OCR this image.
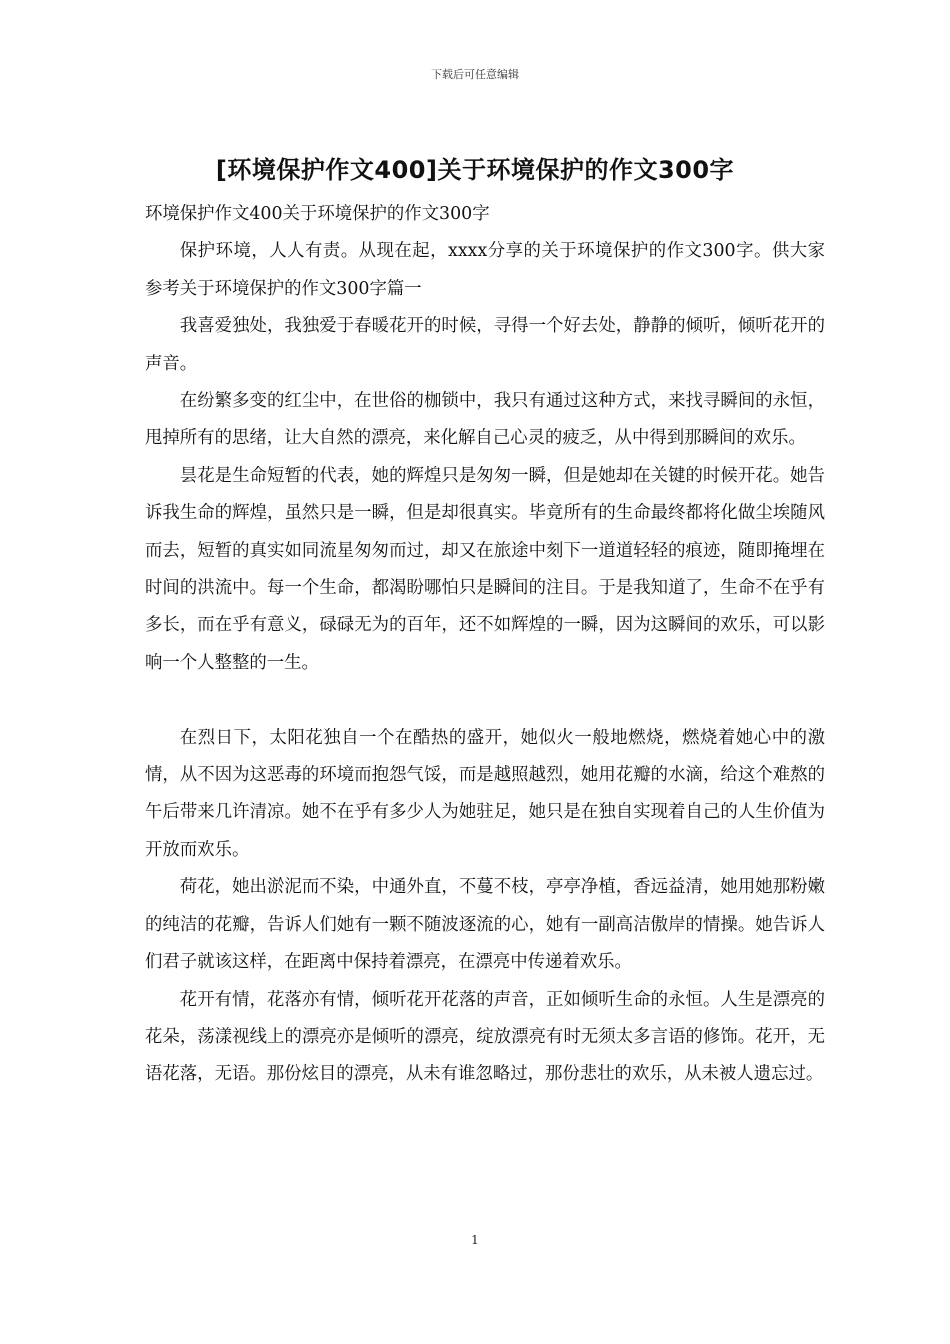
下载后可任意编辑
[环境保护作文400]关于环境保护的作文300字

环境保护作文400关于环境保护的作文300字

保护环境，人人有责。从现在起，xxxx分享的关于环境保护的作文300字。供大家参考关于环境保护的作文300字篇一

我喜爱独处，我独爱于春暖花开的时候，寻得一个好去处，静静的倾听，倾听花开的声音。

在纷繁多变的红尘中，在世俗的枷锁中，我只有通过这种方式，来找寻瞬间的永恒，甩掉所有的思绪，让大自然的漂亮，来化解自己心灵的疲乏，从中得到那瞬间的欢乐。

昙花是生命短暂的代表，她的辉煌只是匆匆一瞬，但是她却在关键的时候开花。她告诉我生命的辉煌，虽然只是一瞬，但是却很真实。毕竟所有的生命最终都将化做尘埃随风而去，短暂的真实如同流星匆匆而过，却又在旅途中刻下一道道轻轻的痕迹，随即掩埋在时间的洪流中。每一个生命，都渴盼哪怕只是瞬间的注目。于是我知道了，生命不在乎有多长，而在乎有意义，碌碌无为的百年，还不如辉煌的一瞬，因为这瞬间的欢乐，可以影响一个人整整的一生。

在烈日下，太阳花独自一个在酷热的盛开，她似火一般地燃烧，燃烧着她心中的激情，从不因为这恶毒的环境而抱怨气馁，而是越照越烈，她用花瓣的水滴，给这个难熬的午后带来几许清凉。她不在乎有多少人为她驻足，她只是在独自实现着自己的人生价值为开放而欢乐。

荷花，她出淤泥而不染，中通外直，不蔓不枝，亭亭净植，香远益清，她用她那粉嫩的纯洁的花瓣，告诉人们她有一颗不随波逐流的心，她有一副高洁傲岸的情操。她告诉人们君子就该这样，在距离中保持着漂亮，在漂亮中传递着欢乐。

花开有情，花落亦有情，倾听花开花落的声音，正如倾听生命的永恒。人生是漂亮的花朵，荡漾视线上的漂亮亦是倾听的漂亮，绽放漂亮有时无须太多言语的修饰。花开，无语花落，无语。那份炫目的漂亮，从未有谁忽略过，那份悲壮的欢乐，从未被人遗忘过。

1
